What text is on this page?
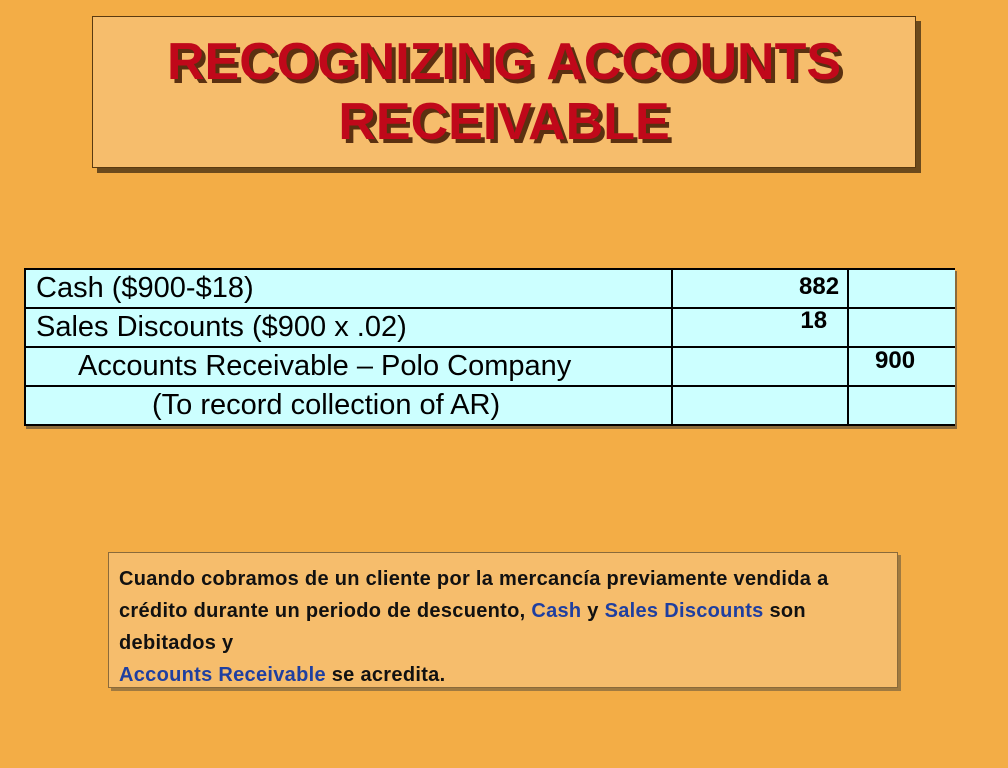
RECOGNIZING ACCOUNTS
RECEIVABLE
Cash ($900-$18)	882	

Sales Discounts ($900 x .02)	18	

Accounts Receivable – Polo Company		900

(To record collection of AR)		

Cuando cobramos de un cliente por la mercancía previamente vendida a crédito durante un periodo de descuento, Cash y Sales Discounts son debitados y
Accounts Receivable se acredita.
